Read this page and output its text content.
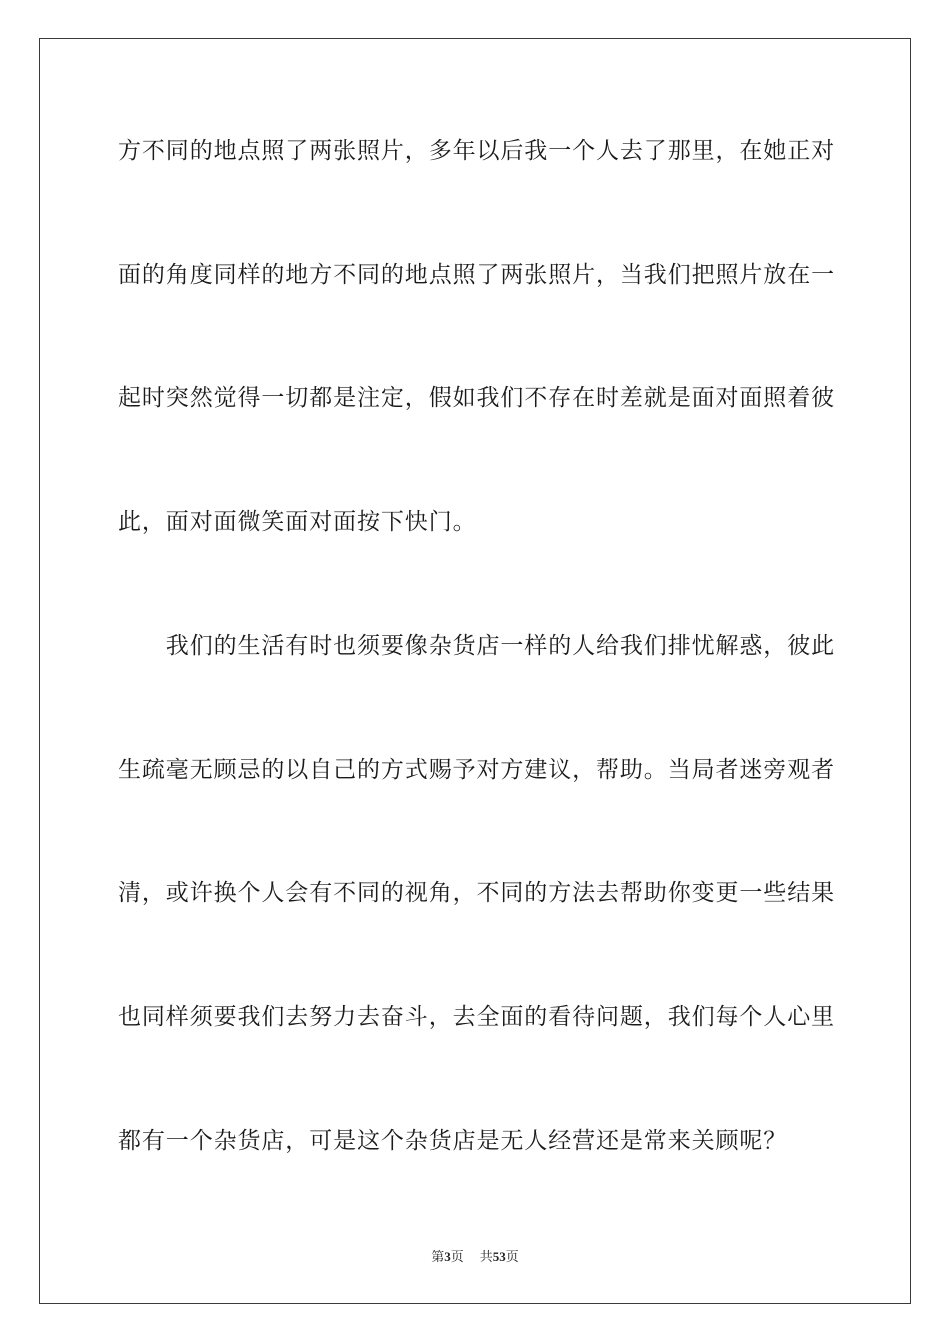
方不同的地点照了两张照片，多年以后我一个人去了那里，在她正对
面的角度同样的地方不同的地点照了两张照片，当我们把照片放在一
起时突然觉得一切都是注定，假如我们不存在时差就是面对面照着彼
此，面对面微笑面对面按下快门。
　　我们的生活有时也须要像杂货店一样的人给我们排忧解惑，彼此
生疏毫无顾忌的以自己的方式赐予对方建议，帮助。当局者迷旁观者
清，或许换个人会有不同的视角，不同的方法去帮助你变更一些结果
也同样须要我们去努力去奋斗，去全面的看待问题，我们每个人心里
都有一个杂货店，可是这个杂货店是无人经营还是常来关顾呢？
第3页 共53页
